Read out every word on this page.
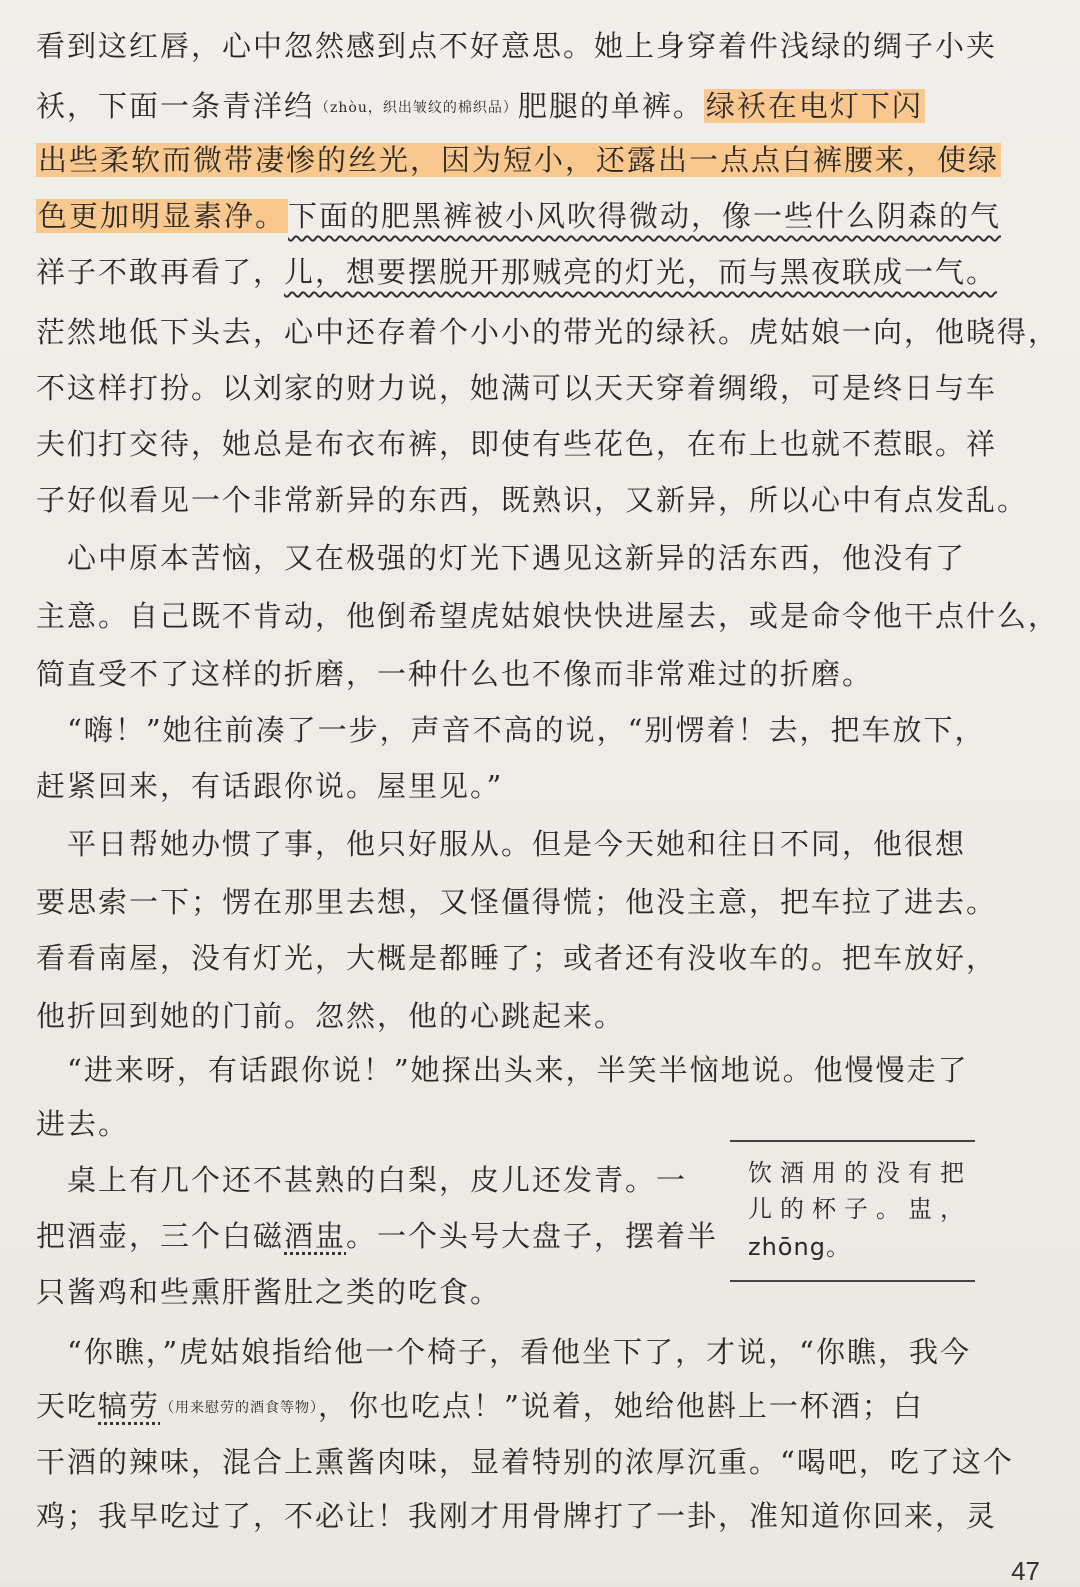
看到这红唇，心中忽然感到点不好意思。她上身穿着件浅绿的绸子小夹
袄，下面一条青洋绉（zhòu，织出皱纹的棉织品）肥腿的单裤。绿袄在电灯下闪
出些柔软而微带凄惨的丝光，因为短小，还露出一点点白裤腰来，使绿
色更加明显素净。下面的肥黑裤被小风吹得微动，像一些什么阴森的气
祥子不敢再看了，儿，想要摆脱开那贼亮的灯光，而与黑夜联成一气。
茫然地低下头去，心中还存着个小小的带光的绿袄。虎姑娘一向，他晓得，
不这样打扮。以刘家的财力说，她满可以天天穿着绸缎，可是终日与车
夫们打交待，她总是布衣布裤，即使有些花色，在布上也就不惹眼。祥
子好似看见一个非常新异的东西，既熟识，又新异，所以心中有点发乱。
　心中原本苦恼，又在极强的灯光下遇见这新异的活东西，他没有了
主意。自己既不肯动，他倒希望虎姑娘快快进屋去，或是命令他干点什么，
简直受不了这样的折磨，一种什么也不像而非常难过的折磨。
　“嗨！”她往前凑了一步，声音不高的说，“别愣着！去，把车放下，
赶紧回来，有话跟你说。屋里见。”
　平日帮她办惯了事，他只好服从。但是今天她和往日不同，他很想
要思索一下；愣在那里去想，又怪僵得慌；他没主意，把车拉了进去。
看看南屋，没有灯光，大概是都睡了；或者还有没收车的。把车放好，
他折回到她的门前。忽然，他的心跳起来。
　“进来呀，有话跟你说！”她探出头来，半笑半恼地说。他慢慢走了
进去。
　桌上有几个还不甚熟的白梨，皮儿还发青。一
把酒壶，三个白磁酒盅。一个头号大盘子，摆着半
只酱鸡和些熏肝酱肚之类的吃食。
　“你瞧，”虎姑娘指给他一个椅子，看他坐下了，才说，“你瞧，我今
天吃犒劳（用来慰劳的酒食等物），你也吃点！”说着，她给他斟上一杯酒；白
干酒的辣味，混合上熏酱肉味，显着特别的浓厚沉重。“喝吧，吃了这个
鸡；我早吃过了，不必让！我刚才用骨牌打了一卦，准知道你回来，灵
饮酒用的没有把
儿的杯子。盅，
zhōng。
47
